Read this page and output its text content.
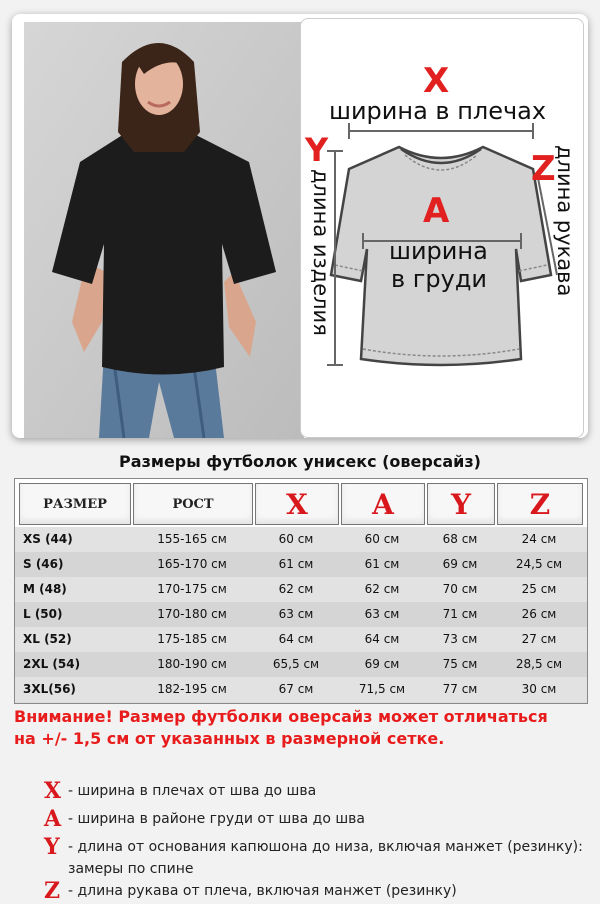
X
ширина в плечах
Y
длина изделия	Z
длина рукава
A
ширина
в груди
Размеры футболок унисекс (оверсайз)
РАЗМЕР	РОСТ	X	A	Y	Z
XS (44)	155-165 см	60 см	60 см	68 см	24 см
S (46)	165-170 см	61 см	61 см	69 см	24,5 см
M (48)	170-175 см	62 см	62 см	70 см	25 см
L (50)	170-180 см	63 см	63 см	71 см	26 см
XL (52)	175-185 см	64 см	64 см	73 см	27 см
2XL (54)	180-190 см	65,5 см	69 см	75 см	28,5 см
3XL(56)	182-195 см	67 см	71,5 см	77 см	30 см
Внимание! Размер футболки оверсайз может отличаться на +/- 1,5 см от указанных в размерной сетке.
X - ширина в плечах от шва до шва
A - ширина в районе груди от шва до шва
Y - длина от основания капюшона до низа, включая манжет (резинку): замеры по спине
Z - длина рукава от плеча, включая манжет (резинку)
